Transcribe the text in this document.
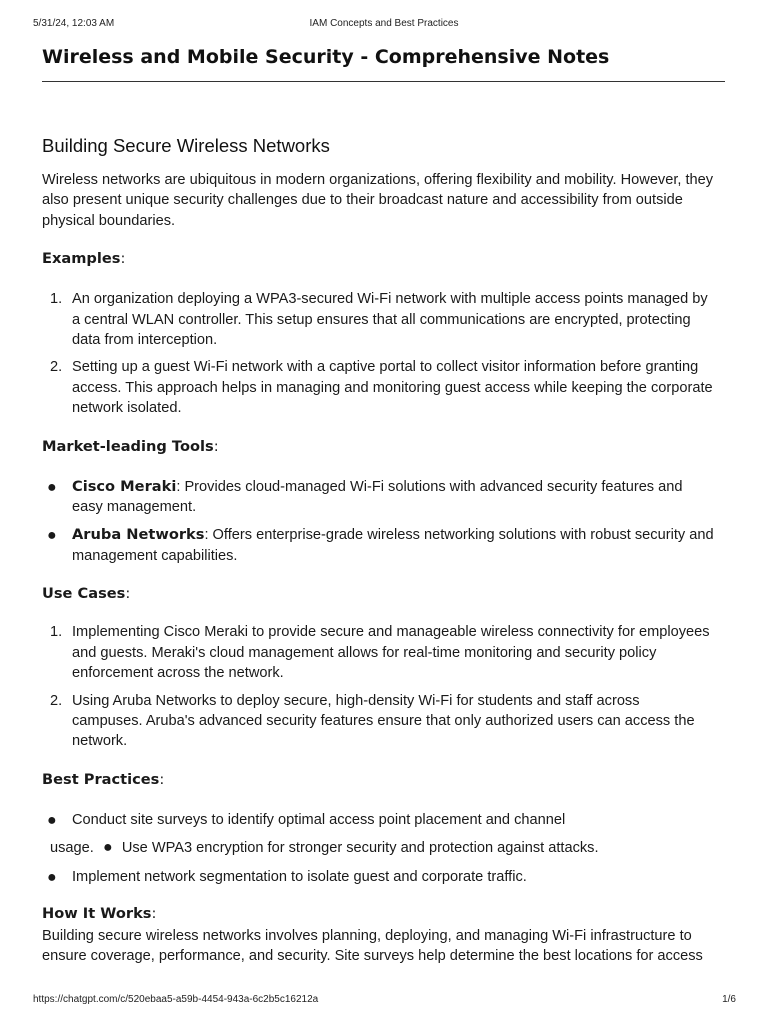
5/31/24, 12:03 AM	IAM Concepts and Best Practices
Wireless and Mobile Security - Comprehensive Notes
Building Secure Wireless Networks

Wireless networks are ubiquitous in modern organizations, offering flexibility and mobility. However, they also present unique security challenges due to their broadcast nature and accessibility from outside physical boundaries.

Examples:

1. An organization deploying a WPA3-secured Wi-Fi network with multiple access points managed by a central WLAN controller. This setup ensures that all communications are encrypted, protecting data from interception.
2. Setting up a guest Wi-Fi network with a captive portal to collect visitor information before granting access. This approach helps in managing and monitoring guest access while keeping the corporate network isolated.

Market-leading Tools:

● Cisco Meraki: Provides cloud-managed Wi-Fi solutions with advanced security features and easy management.
● Aruba Networks: Offers enterprise-grade wireless networking solutions with robust security and management capabilities.

Use Cases:

1. Implementing Cisco Meraki to provide secure and manageable wireless connectivity for employees and guests. Meraki's cloud management allows for real-time monitoring and security policy enforcement across the network.
2. Using Aruba Networks to deploy secure, high-density Wi-Fi for students and staff across campuses. Aruba's advanced security features ensure that only authorized users can access the network.

Best Practices:

● Conduct site surveys to identify optimal access point placement and channel
usage. ● Use WPA3 encryption for stronger security and protection against attacks.
● Implement network segmentation to isolate guest and corporate traffic.

How It Works:

Building secure wireless networks involves planning, deploying, and managing Wi-Fi infrastructure to ensure coverage, performance, and security. Site surveys help determine the best locations for access

https://chatgpt.com/c/520ebaa5-a59b-4454-943a-6c2b5c16212a	1/6
